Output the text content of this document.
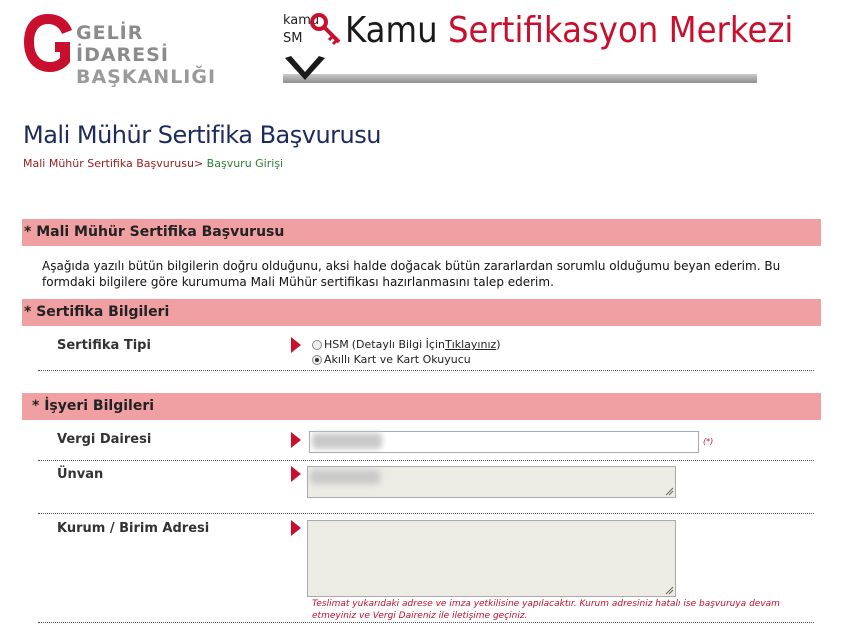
GELİR İDARESİ
BAŞKANLIĞI
kamu
SM	Kamu Sertifikasyon Merkezi
Mali Mühür Sertifika Başvurusu
Mali Mühür Sertifika Başvurusu> Başvuru Girişi
* Mali Mühür Sertifika Başvurusu
Aşağıda yazılı bütün bilgilerin doğru olduğunu, aksi halde doğacak bütün zararlardan sorumlu olduğumu beyan ederim. Bu formdaki bilgilere göre kurumuma Mali Mühür sertifikası hazırlanmasını talep ederim.
* Sertifika Bilgileri
Sertifika Tipi	HSM (Detaylı Bilgi İçin Tıklayınız )
Akıllı Kart ve Kart Okuyucu
* İşyeri Bilgileri
Vergi Dairesi	(*)
Ünvan
Kurum / Birim Adresi
Teslimat yukarıdaki adrese ve imza yetkilisine yapılacaktır. Kurum adresiniz hatalı ise başvuruya devam etmeyiniz ve Vergi Daireniz ile iletişime geçiniz.
